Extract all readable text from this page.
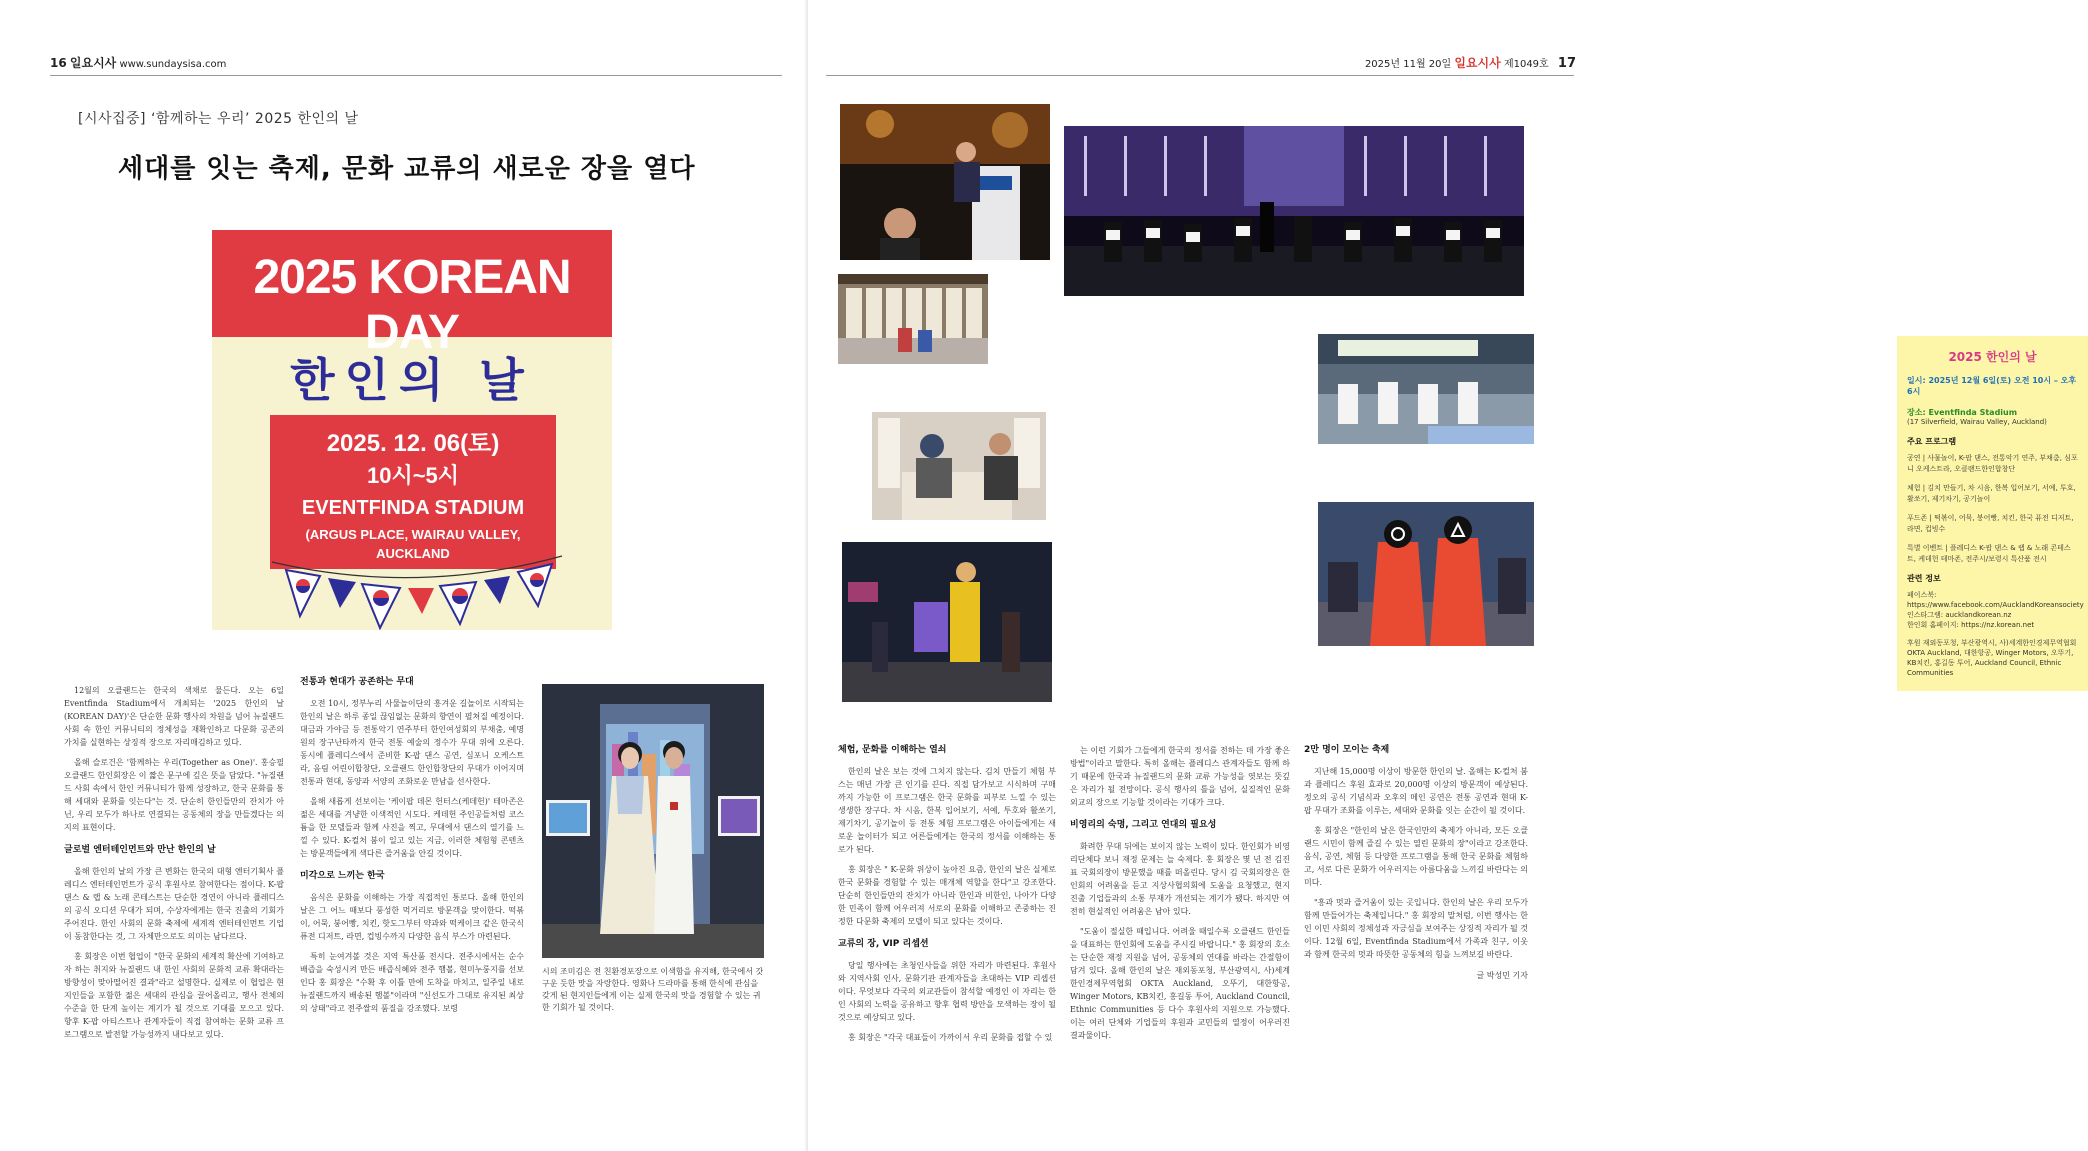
16 일요시사 www.sundaysisa.com
[시사집중] ‘함께하는 우리’ 2025 한인의 날
세대를 잇는 축제, 문화 교류의 새로운 장을 열다
2025 KOREAN DAY
한인의 날
2025. 12. 06(토)
10시~5시
EVENTFINDA STADIUM
(ARGUS PLACE, WAIRAU VALLEY, AUCKLAND

12월의 오클랜드는 한국의 색채로 물든다. 오는 6일 Eventfinda Stadium에서 개최되는 '2025 한인의 날(KOREAN DAY)'은 단순한 문화 행사의 차원을 넘어 뉴질랜드 사회 속 한인 커뮤니티의 정체성을 재확인하고 다문화 공존의 가치를 실현하는 상징적 장으로 자리매김하고 있다.

올해 슬로건은 '함께하는 우리(Together as One)'. 홍승필 오클랜드 한인회장은 이 짧은 문구에 깊은 뜻을 담았다. "뉴질랜드 사회 속에서 한인 커뮤니티가 함께 성장하고, 한국 문화를 통해 세대와 문화를 잇는다"는 것. 단순히 한인들만의 잔치가 아닌, 우리 모두가 하나로 연결되는 공동체의 장을 만들겠다는 의지의 표현이다.

글로벌 엔터테인먼트와 만난 한인의 날

올해 한인의 날의 가장 큰 변화는 한국의 대형 엔터기획사 플레디스 엔터테인먼트가 공식 후원사로 참여한다는 점이다. K-팝 댄스 & 랩 & 노래 콘테스트는 단순한 경연이 아니라 플레디스의 공식 오디션 무대가 되며, 수상자에게는 한국 진출의 기회가 주어진다. 한인 사회의 문화 축제에 세계적 엔터테인먼트 기업이 동참한다는 것, 그 자체만으로도 의미는 남다르다.

홍 회장은 이번 협업이 "한국 문화의 세계적 확산에 기여하고자 하는 취지와 뉴질랜드 내 한인 사회의 문화적 교류 확대라는 방향성이 맞아떨어진 결과"라고 설명한다. 실제로 이 협업은 현지인들을 포함한 젊은 세대의 관심을 끌어올리고, 행사 전체의 수준을 한 단계 높이는 계기가 될 것으로 기대를 모으고 있다. 향후 K-팝 아티스트나 관계자들이 직접 참여하는 문화 교류 프로그램으로 발전할 가능성까지 내다보고 있다.

전통과 현대가 공존하는 무대

오전 10시, 정부누리 사물놀이단의 흥겨운 길놀이로 시작되는 한인의 날은 하루 종일 끊임없는 문화의 향연이 펼쳐질 예정이다. 대금과 가야금 등 전통악기 연주부터 한인여성회의 부채춤, 예명원의 장구난타까지 한국 전통 예술의 정수가 무대 위에 오른다. 동시에 플레디스에서 준비한 K-팝 댄스 공연, 심포니 오케스트라, 음림 어린이합창단, 오클랜드 한인합창단의 무대가 이어지며 전통과 현대, 동양과 서양의 조화로운 만남을 선사한다.

올해 새롭게 선보이는 '케이팝 데몬 헌터스(케데헌)' 테마존은 젊은 세대를 겨냥한 이색적인 시도다. 케데헌 주인공들처럼 코스튬을 한 모델들과 함께 사진을 찍고, 무대에서 댄스의 열기를 느낄 수 있다. K-컬처 붐이 일고 있는 지금, 이러한 체험형 콘텐츠는 방문객들에게 색다른 즐거움을 안길 것이다.

미각으로 느끼는 한국

음식은 문화를 이해하는 가장 직접적인 통로다. 올해 한인의 날은 그 어느 때보다 풍성한 먹거리로 방문객을 맞이한다. 떡볶이, 어묵, 붕어빵, 치킨, 핫도그부터 약과와 떡케이크 같은 한국식 퓨전 디저트, 라면, 컵빙수까지 다양한 음식 부스가 마련된다.

특히 눈여겨볼 것은 지역 특산품 전시다. 전주시에서는 순수 배즙을 숙성시켜 만든 배즙식혜와 전주 햄볼, 현미누룽지를 선보인다 홍 회장은 "수확 후 이틀 만에 도착을 마치고, 일주일 내로 뉴질랜드까지 배송된 햄볼"이라며 "신선도가 그대로 유지된 최상의 상태"라고 전주쌀의 품질을 강조했다. 보령

시의 조미김은 전 친환경포장으로 이색함을 유지해, 한국에서 갓 구운 듯한 맛을 자랑한다. 영화나 드라마를 통해 한식에 관심을 갖게 된 현지인들에게 이는 실제 한국의 맛을 경험할 수 있는 귀한 기회가 될 것이다.
2025년 11월 20일 일요시사 제1049호 17
2025 한인의 날
일시: 2025년 12월 6일(토) 오전 10시 – 오후 6시
장소: Eventfinda Stadium
(17 Silverfield, Wairau Valley, Auckland)
주요 프로그램
공연 | 사물놀이, K-팝 댄스, 전통악기 연주, 부채춤, 심포니 오케스트라, 오클랜드한인합창단
체험 | 김치 만들기, 차 시음, 한복 입어보기, 서예, 투호, 활쏘기, 제기차기, 공기놀이
푸드존 | 떡볶이, 어묵, 붕어빵, 치킨, 한국 퓨전 디저트, 라면, 컵빙수
특별 이벤트 | 플레디스 K-팝 댄스 & 랩 & 노래 콘테스트, 케데헌 테마존, 전주시/보령시 특산품 전시
관련 정보
페이스북: https://www.facebook.com/AucklandKoreansociety
인스타그램: aucklandkorean.nz
한인회 홈페이지: https://nz.korean.net
후원 재외동포청, 부산광역시, 사)세계한인경제무역협회 OKTA Auckland, 대한항공, Winger Motors, 오뚜기, KB치킨, 홍길동 투어, Auckland Council, Ethnic Communities
체험, 문화를 이해하는 열쇠

한인의 날은 보는 것에 그치지 않는다. 김치 만들기 체험 부스는 매년 가장 큰 인기를 끈다. 직접 담가보고 시식하며 구매까지 가능한 이 프로그램은 한국 문화를 피부로 느낄 수 있는 생생한 장구다. 차 시음, 한복 입어보기, 서예, 투호와 활쏘기, 제기차기, 공기놀이 등 전통 체험 프로그램은 아이들에게는 새로운 놀이터가 되고 어른들에게는 한국의 정서를 이해하는 통로가 된다.

홍 회장은 " K-문화 위상이 높아진 요즘, 한인의 날은 실제로 한국 문화를 경험할 수 있는 매개체 역할을 한다"고 강조한다. 단순히 한인들만의 잔치가 아니라 한인과 비한인, 나아가 다양한 민족이 함께 어우러져 서로의 문화를 이해하고 존중하는 진정한 다문화 축제의 모델이 되고 있다는 것이다.

교류의 장, VIP 리셉션

당일 행사에는 초청인사들을 위한 자리가 마련된다. 후원사와 지역사회 인사, 문화기관 관계자들을 초대하는 VIP 리셉션이다. 무엇보다 각국의 외교관들이 참석할 예정인 이 자리는 한인 사회의 노력을 공유하고 향후 협력 방안을 모색하는 장이 될 것으로 예상되고 있다.

홍 회장은 "각국 대표들이 가까이서 우리 문화를 접할 수 있

는 이런 기회가 그들에게 한국의 정서를 전하는 데 가장 좋은 방법"이라고 말한다. 특히 올해는 플레디스 관계자들도 함께 하기 때문에 한국과 뉴질랜드의 문화 교류 가능성을 엿보는 뜻깊은 자리가 될 전망이다. 공식 행사의 틀을 넘어, 실질적인 문화 외교의 장으로 기능할 것이라는 기대가 크다.

비영리의 숙명, 그리고 연대의 필요성

화려한 무대 뒤에는 보이지 않는 노력이 있다. 한인회가 비영리단체다 보니 재정 문제는 늘 숙제다. 홍 회장은 몇 년 전 김진표 국회의장이 방문했을 때를 떠올린다. 당시 김 국회의장은 한인회의 어려움을 듣고 지상사협의회에 도움을 요청했고, 현지 진출 기업들과의 소통 부재가 개선되는 계기가 됐다. 하지만 여전히 현실적인 어려움은 남아 있다.

"도움이 절실한 때입니다. 어려울 때일수록 오클랜드 한인들을 대표하는 한인회에 도움을 주시길 바랍니다." 홍 회장의 호소는 단순한 재정 지원을 넘어, 공동체의 연대를 바라는 간절함이 담겨 있다. 올해 한인의 날은 재외동포청, 부산광역시, 사)세계한인경제무역협회 OKTA Auckland, 오뚜기, 대한항공, Winger Motors, KB치킨, 홍길동 투어, Auckland Council, Ethnic Communities 등 다수 후원사의 지원으로 가능했다. 이는 여러 단체와 기업들의 후원과 교민들의 열정이 어우러진 결과물이다.

2만 명이 모이는 축제

지난해 15,000명 이상이 방문한 한인의 날. 올해는 K-컬처 붐과 플레디스 후원 효과로 20,000명 이상의 방문객이 예상된다. 정오의 공식 기념식과 오후의 메인 공연은 전통 공연과 현대 K-팝 무대가 조화를 이루는, 세대와 문화를 잇는 순간이 될 것이다.

홍 회장은 "한인의 날은 한국인만의 축제가 아니라, 모든 오클랜드 시민이 함께 즐길 수 있는 열린 문화의 장"이라고 강조한다. 음식, 공연, 체험 등 다양한 프로그램을 통해 한국 문화를 체험하고, 서로 다른 문화가 어우러지는 아름다움을 느끼길 바란다는 의미다.

"흥과 멋과 즐거움이 있는 곳입니다. 한인의 날은 우리 모두가 함께 만들어가는 축제입니다." 홍 회장의 말처럼, 이번 행사는 한인 이민 사회의 정체성과 자긍심을 보여주는 상징적 자리가 될 것이다. 12월 6일, Eventfinda Stadium에서 가족과 친구, 이웃과 함께 한국의 멋과 따뜻한 공동체의 힘을 느껴보길 바란다.

글 박성민 기자
